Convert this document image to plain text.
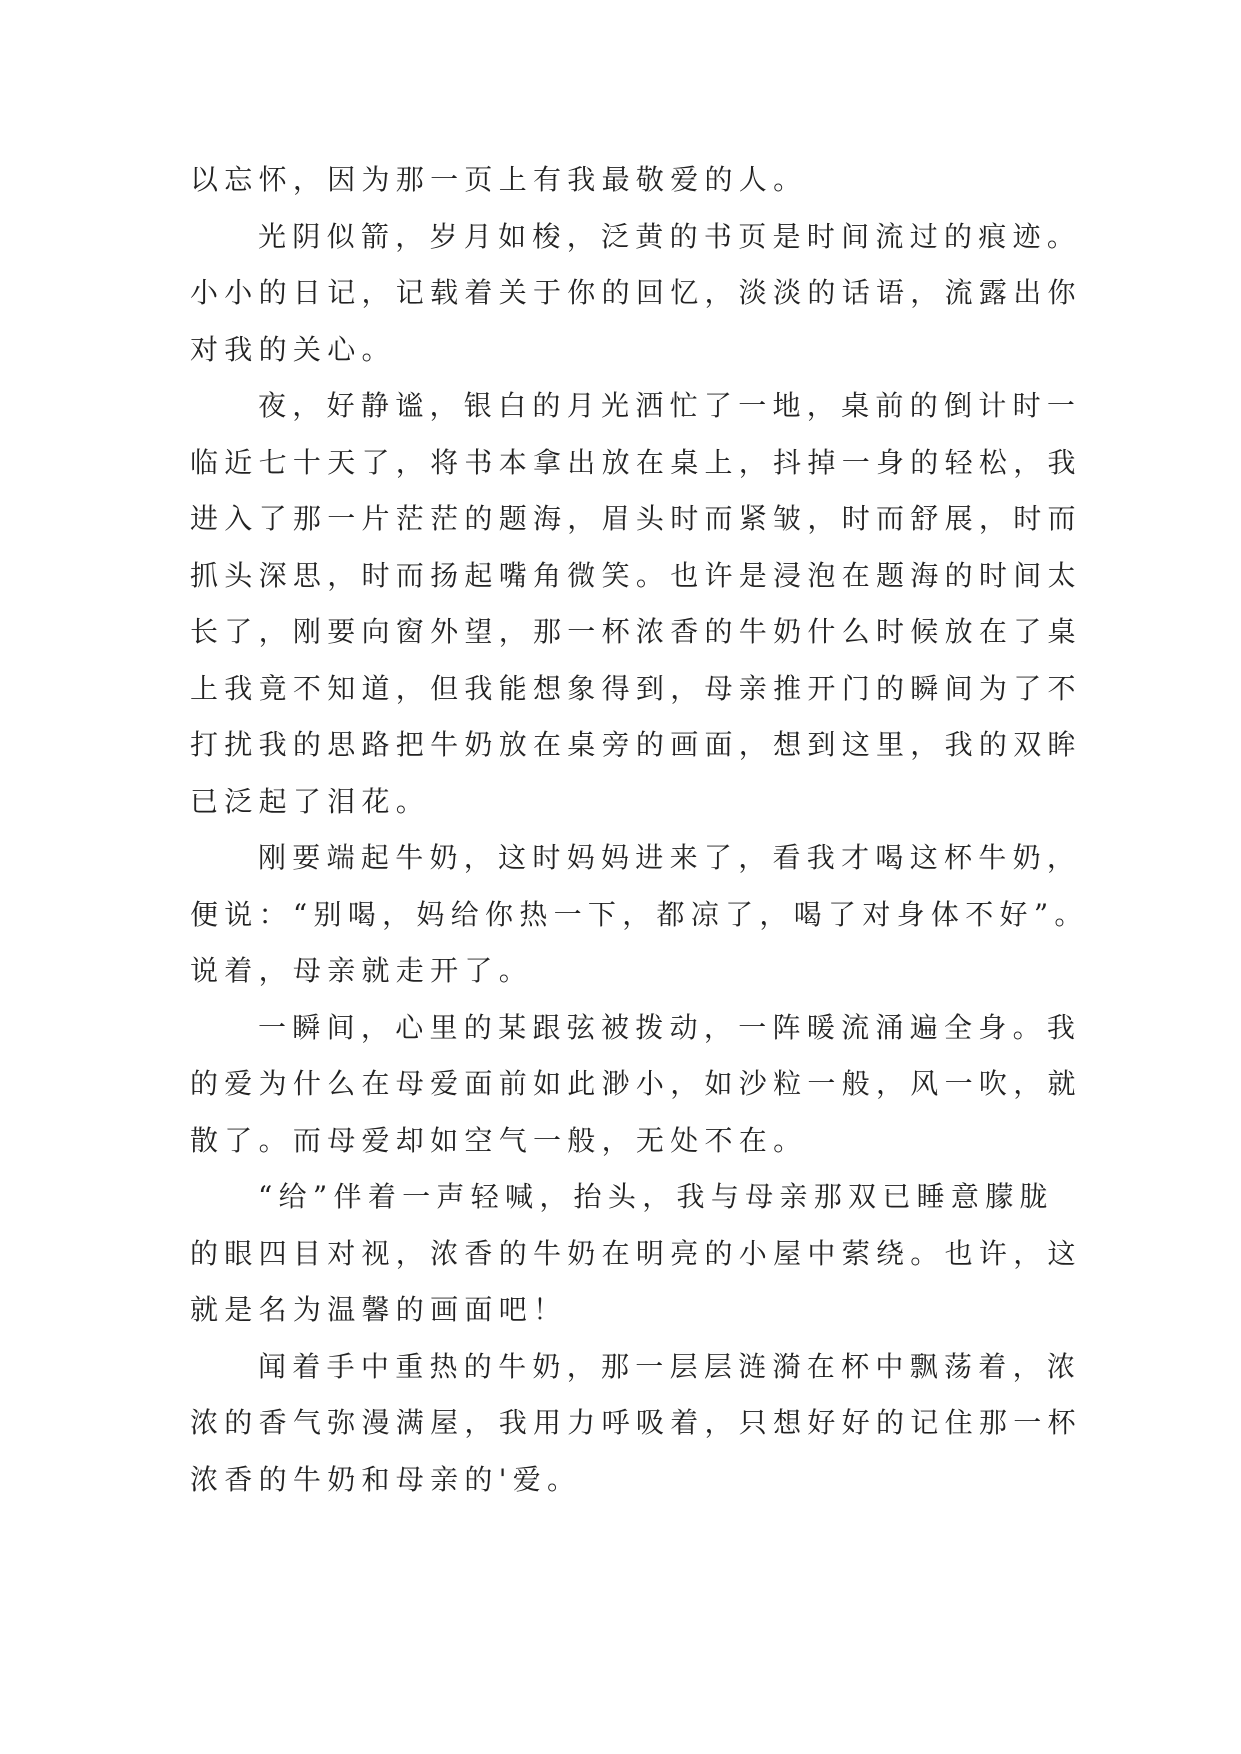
以忘怀，因为那一页上有我最敬爱的人。
光阴似箭，岁月如梭，泛黄的书页是时间流过的痕迹。
小小的日记，记载着关于你的回忆，淡淡的话语，流露出你
对我的关心。
夜，好静谧，银白的月光洒忙了一地，桌前的倒计时一
临近七十天了，将书本拿出放在桌上，抖掉一身的轻松，我
进入了那一片茫茫的题海，眉头时而紧皱，时而舒展，时而
抓头深思，时而扬起嘴角微笑。也许是浸泡在题海的时间太
长了，刚要向窗外望，那一杯浓香的牛奶什么时候放在了桌
上我竟不知道，但我能想象得到，母亲推开门的瞬间为了不
打扰我的思路把牛奶放在桌旁的画面，想到这里，我的双眸
已泛起了泪花。
刚要端起牛奶，这时妈妈进来了，看我才喝这杯牛奶，
便说：“别喝，妈给你热一下，都凉了，喝了对身体不好”。
说着，母亲就走开了。
一瞬间，心里的某跟弦被拨动，一阵暖流涌遍全身。我
的爱为什么在母爱面前如此渺小，如沙粒一般，风一吹，就
散了。而母爱却如空气一般，无处不在。
“给”伴着一声轻喊，抬头，我与母亲那双已睡意朦胧
的眼四目对视，浓香的牛奶在明亮的小屋中萦绕。也许，这
就是名为温馨的画面吧！
闻着手中重热的牛奶，那一层层涟漪在杯中飘荡着，浓
浓的香气弥漫满屋，我用力呼吸着，只想好好的记住那一杯
浓香的牛奶和母亲的'爱。
